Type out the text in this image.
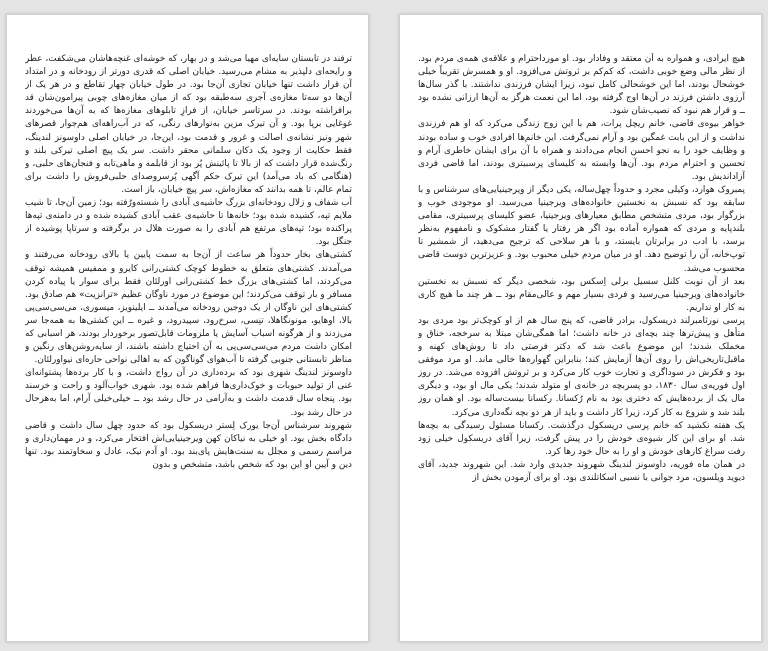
ترفند در تابستان سایه‌ای مهیا می‌شد و در بهار، که خوشه‌ای غنچه‌هاشان می‌شکفت، عطر و رایحه‌ای دلپذیر به مشام می‌رسید. خیابان اصلی که قدری دورتر از رودخانه و در امتداد آن قرار داشت تنها خیابان تجاری آن‌جا بود. در طول خیابان چهار تقاطع و در هر یک از آن‌ها دو سه‌تا مغازه‌ی آجری سه‌طبقه بود که از میان مغازه‌های چوبی پیرامون‌شان قد برافراشته بودند. در سرتاسر خیابان، از فرازِ تابلوهای مغازه‌ها که به آن‌ها می‌خوردند غوغایی برپا بود. و آن تیرک مزین به‌نوارهای رنگی، که در آب‌راهه‌ای هم‌جوار قصرهای شهر ونیز نشانه‌ی اصالت و غرور و قدمت بود، این‌جا، در خیابان اصلی داوسونز لندینگ، فقط حکایت از وجود یک دکان سلمانی محقر داشت. سر یک پیچ اصلی تیرکی بلند و رنگ‌شده قرار داشت که از بالا تا پائینش پُر بود از قابلمه و ماهی‌تابه و فنجان‌های حلبی، و (هنگامی که باد می‌آمد) این تیرک حکم آگهی پُرسروصدای حلبی‌فروش را داشت برای تمام عالم، تا همه بدانند که مغازه‌اش، سر پیچ خیابان، باز است.

آب شفاف و زلال رودخانه‌ای بزرگ حاشیه‌ی آبادی را شسته‌ورُفته بود؛ زمین آن‌جا، تا شیب ملایم تپه، کشیده شده بود؛ خانه‌ها تا حاشیه‌ی عقب آبادی کشیده شده و در دامنه‌ی تپه‌ها پراکنده بود؛ تپه‌های مرتفع هم آبادی را به صورت هلال در برگرفته و سرتاپا پوشیده از جنگل بود.

کشتی‌های بخار حدوداً هر ساعت از آن‌جا به سمت پایین یا بالای رودخانه می‌رفتند و می‌آمدند. کشتی‌های متعلق به خطوط کوچک کشتی‌رانی کایرو و ممفیس همیشه توقف می‌کردند، اما کشتی‌های بزرگ خط کشتی‌رانی اورلئان فقط برای سوار یا پیاده کردن مسافر و بار توقف می‌کردند؛ این موضوع در مورد ناوگان عظیم «ترانزیت» هم صادق بود. کشتی‌های این ناوگان از یک دوجین رودخانه می‌آمدند ــ ایلینویز، میسوری، می‌سی‌سی‌پی بالا، اوهایو، مونونگاهلا، تنِسی، سرخ‌رود، سپیدرود، و غیره ــ این کشتی‌ها به همه‌جا سر می‌زدند و از هرگونه اسباب آسایش یا ملزومات قابل‌تصور برخوردار بودند، هر اسبابی که امکان داشت مردم می‌سی‌سی‌پی به آن احتیاج داشته باشند، از سایه‌روشن‌های رنگین و مناظر تابستانی جنوبی گرفته تا آب‌هوای گوناگون که به اهالی نواحی حاره‌ای نیواورلئان.

داوسونز لندینگ شهری بود که برده‌داری در آن رواج داشت، و با کار برده‌ها پشتوانه‌ای غنی از تولید حبوبات و خوک‌داری‌ها فراهم شده بود. شهری خواب‌آلود و راحت و خرسند بود. پنجاه سال قدمت داشت و به‌آرامی در حال رشد بود ــ خیلی‌خیلی آرام، اما به‌هرحال در حال رشد بود.

شهروند سرشناس آن‌جا یورک لِستر دریسکول بود که حدود چهل سال داشت و قاضی دادگاه بخش بود. او خیلی به نیاکان کهن ویرجینیایی‌اش افتخار می‌کرد، و در مهمان‌داری و مراسم رسمی و مجلل به سنت‌هایش پای‌بند بود. او آدم نیک، عادل و سخاوتمند بود. تنها دین و آیین او این بود که شخص باشد، متشخص و بدون

هیچ ایرادی، و همواره به آن معتقد و وفادار بود. او مورداحترام و علاقه‌ی همه‌ی مردم بود. از نظر مالی وضع خوبی داشت، که کم‌کم بر ثروتش می‌افزود. او و همسرش تقریباً خیلی خوشحال بودند، اما این خوشحالی کامل نبود، زیرا ایشان فرزندی نداشتند. با گذر سال‌ها آرزوی داشتن فرزند در آن‌ها اوج گرفته بود، اما این نعمت هرگز به آن‌ها ارزانی نشده بود ــ و قرار هم نبود که نصیب‌شان شود.

خواهر بیوه‌ی قاضی، خانم ریچل پرات، هم با این زوج زندگی می‌کرد که او هم فرزندی نداشت و از این بابت غمگین بود و آرام نمی‌گرفت. این خانم‌ها افرادی خوب و ساده بودند و وظایف خود را به نحو احسن انجام می‌دادند و همراه با آن برای ایشان خاطری آرام و تحسین و احترام مردم بود. آن‌ها وابسته به کلیسای پرسبیتری بودند، اما قاضی فردی آزاداندیش بود.

پمبروک هوارد، وکیلی مجرد و حدوداً چهل‌ساله، یکی دیگر از ویرجینیایی‌های سرشناس و با سابقه بود که نسبش به نخستین خانواده‌های ویرجینیا می‌رسید. او موجودی خوب و بزرگوار بود، مردی متشخص مطابق معیارهای ویرجینیا، عضو کلیسای پرسبیتری، مقامی بلندپایه و مردی که همواره آماده بود اگر هر رفتار یا گفتار مشکوک و نامفهوم به‌نظر برسد، با ادب در برابرتان بایستد، و با هر سلاحی که ترجیح می‌دهید، از شمشیر تا توپ‌خانه، آن را توضیح دهد. او در میان مردم خیلی محبوب بود. و عزیزترین دوست قاضی محسوب می‌شد.

بعد از آن نوبت کلنل سسیل برلی اِسکس بود، شخصی دیگر که نسبش به نخستین خانواده‌های ویرجینیا می‌رسید و فردی بسیار مهم و عالی‌مقام بود ــ هر چند ما هیچ کاری به کار او نداریم.

پرسی نورثامبرلند دریسکول، برادر قاضی، که پنج سال هم از او کوچک‌تر بود مردی بود متأهل و پیش‌ترها چند بچه‌ای در خانه داشت؛ اما همگی‌شان مبتلا به سرخجه، خناق و مخملک شدند؛ این موضوع باعث شد که دکتر فرصتی داد تا روش‌های کهنه و ماقبل‌تاریخی‌اش را روی آن‌ها آزمایش کند؛ بنابراین گهواره‌ها خالی ماند. او مرد موفقی بود و فکرش در سوداگری و تجارت خوب کار می‌کرد و بر ثروتش افزوده می‌شد. در روز اول فوریه‌ی سال ۱۸۳۰، دو پسربچه در خانه‌ی او متولد شدند؛ یکی مال او بود، و دیگری مال یک از برده‌هایش که دختری بود به نام رُکسانا. رکسانا بیست‌ساله بود. او همان روز بلند شد و شروع به کار کرد، زیرا کار داشت و باید از هر دو بچه نگه‌داری می‌کرد.

یک هفته نکشید که خانم پرسی دریسکول درگذشت. رکسانا مسئول رسیدگی به بچه‌ها شد. او برای این کار شیوه‌ی خودش را در پیش گرفت، زیرا آقای دریسکول خیلی زود رفت سراغ کارهای خودش و او را به حال خود رها کرد.

در همان ماه فوریه، داوسونز لندینگ شهروند جدیدی وارد شد. این شهروند جدید، آقای دیوید ویلسون، مرد جوانی با نسبی اسکاتلندی بود. او برای آزمودن بخش از
